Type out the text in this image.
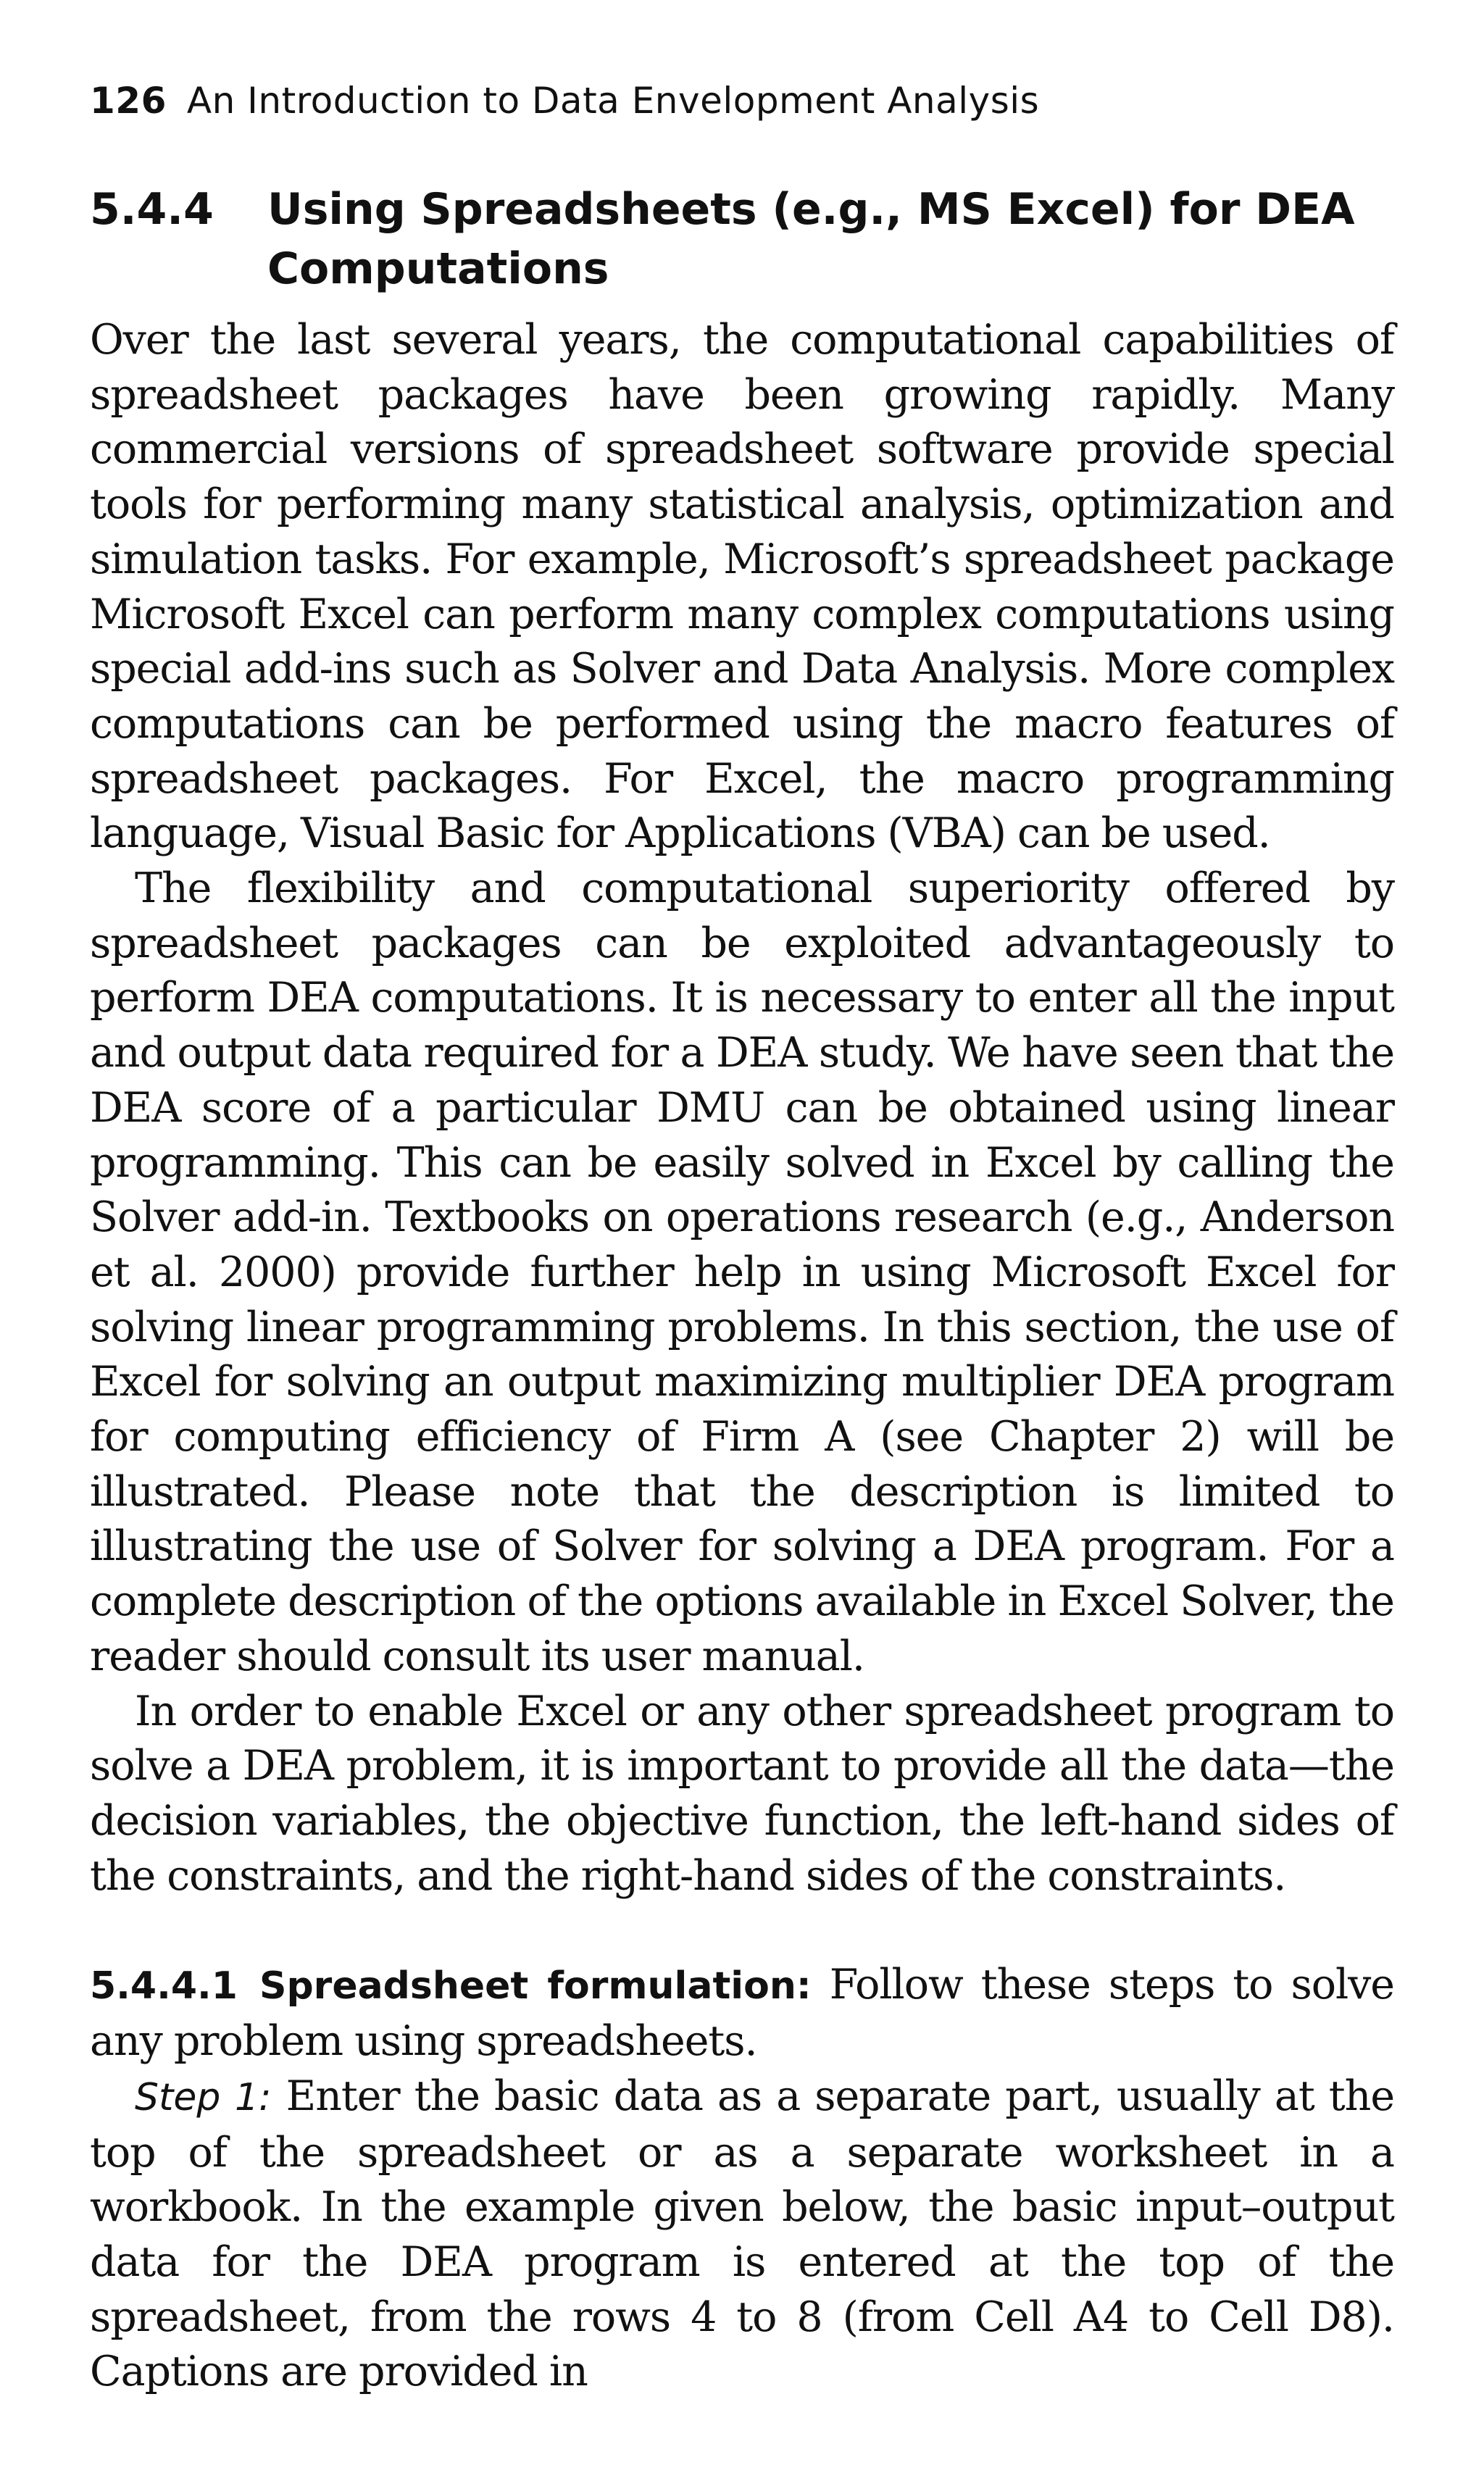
126 An Introduction to Data Envelopment Analysis
5.4.4 Using Spreadsheets (e.g., MS Excel) for DEA Computations

Over the last several years, the computational capabilities of spreadsheet packages have been growing rapidly. Many commercial versions of spreadsheet software provide special tools for performing many statistical analysis, optimization and simulation tasks. For example, Microsoft’s spreadsheet package Microsoft Excel can perform many complex computations using special add-ins such as Solver and Data Analysis. More complex computations can be performed using the macro features of spreadsheet packages. For Excel, the macro programming language, Visual Basic for Applications (VBA) can be used.

The flexibility and computational superiority offered by spreadsheet packages can be exploited advantageously to perform DEA computations. It is necessary to enter all the input and output data required for a DEA study. We have seen that the DEA score of a particular DMU can be obtained using linear programming. This can be easily solved in Excel by calling the Solver add-in. Textbooks on operations research (e.g., Anderson et al. 2000) provide further help in using Microsoft Excel for solving linear programming problems. In this section, the use of Excel for solving an output maximizing multiplier DEA program for computing efficiency of Firm A (see Chapter 2) will be illustrated. Please note that the description is limited to illustrating the use of Solver for solving a DEA program. For a complete description of the options available in Excel Solver, the reader should consult its user manual.

In order to enable Excel or any other spreadsheet program to solve a DEA problem, it is important to provide all the data—the decision variables, the objective function, the left-hand sides of the constraints, and the right-hand sides of the constraints.

5.4.4.1 Spreadsheet formulation: Follow these steps to solve any problem using spreadsheets.

Step 1: Enter the basic data as a separate part, usually at the top of the spreadsheet or as a separate worksheet in a workbook. In the example given below, the basic input–output data for the DEA program is entered at the top of the spreadsheet, from the rows 4 to 8 (from Cell A4 to Cell D8). Captions are provided in
